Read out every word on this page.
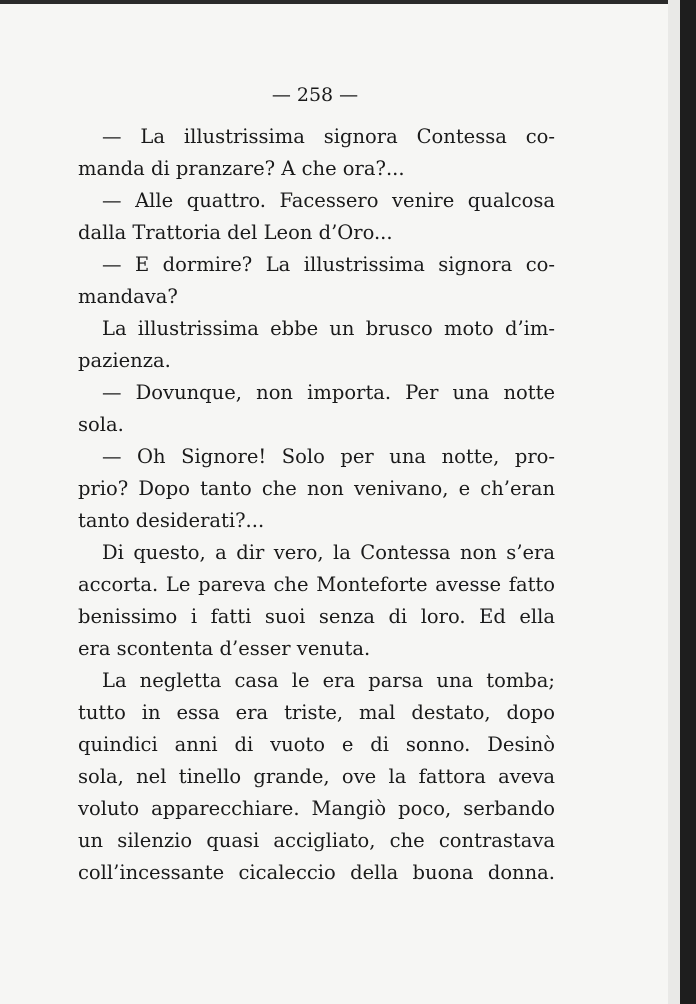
— 258 —
— La illustrissima signora Contessa co-
manda di pranzare? A che ora?...
— Alle quattro. Facessero venire qualcosa
dalla Trattoria del Leon d’Oro...
— E dormire? La illustrissima signora co-
mandava?
La illustrissima ebbe un brusco moto d’im-
pazienza.
— Dovunque, non importa. Per una notte
sola.
— Oh Signore! Solo per una notte, pro-
prio? Dopo tanto che non venivano, e ch’eran
tanto desiderati?...
Di questo, a dir vero, la Contessa non s’era
accorta. Le pareva che Monteforte avesse fatto
benissimo i fatti suoi senza di loro. Ed ella
era scontenta d’esser venuta.
La negletta casa le era parsa una tomba;
tutto in essa era triste, mal destato, dopo
quindici anni di vuoto e di sonno. Desinò
sola, nel tinello grande, ove la fattora aveva
voluto apparecchiare. Mangiò poco, serbando
un silenzio quasi accigliato, che contrastava
coll’incessante cicaleccio della buona donna.
